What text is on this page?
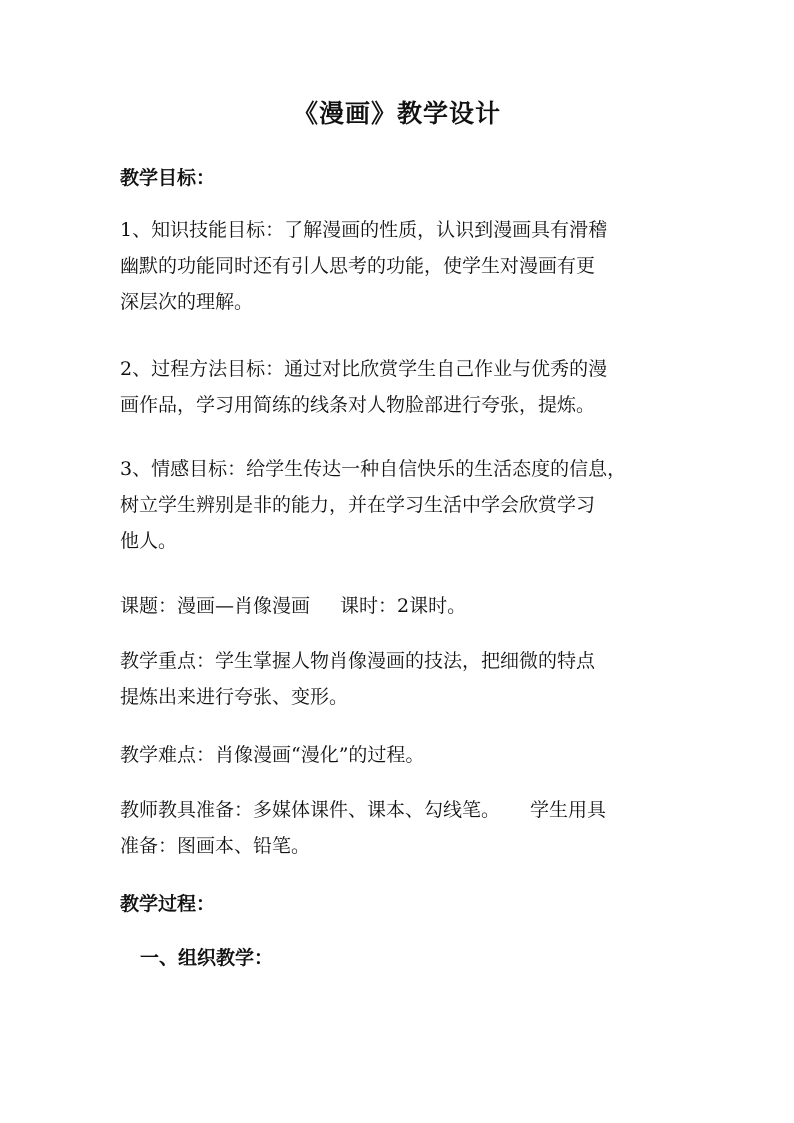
《漫画》教学设计
教学目标：
1、知识技能目标：了解漫画的性质，认识到漫画具有滑稽
幽默的功能同时还有引人思考的功能，使学生对漫画有更
深层次的理解。
2、过程方法目标：通过对比欣赏学生自己作业与优秀的漫
画作品，学习用简练的线条对人物脸部进行夸张，提炼。
3、情感目标：给学生传达一种自信快乐的生活态度的信息，
树立学生辨别是非的能力，并在学习生活中学会欣赏学习
他人。
课题：漫画—肖像漫画 课时：2课时。
教学重点：学生掌握人物肖像漫画的技法，把细微的特点
提炼出来进行夸张、变形。
教学难点：肖像漫画“漫化”的过程。
教师教具准备：多媒体课件、课本、勾线笔。 学生用具
准备：图画本、铅笔。
教学过程：
一、组织教学：
